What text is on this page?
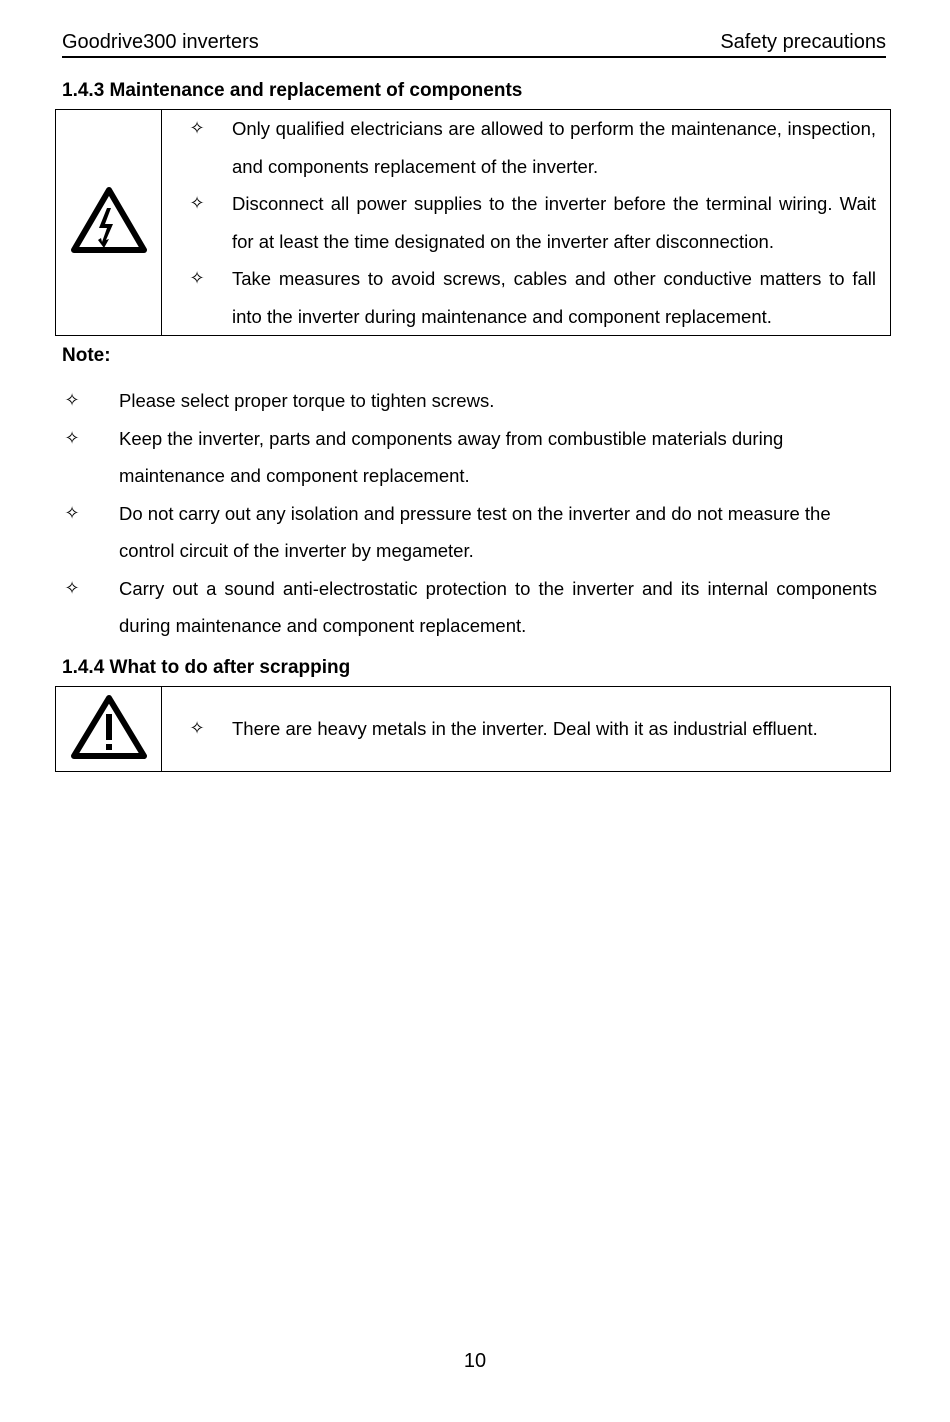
Goodrive300 inverters	Safety precautions
1.4.3 Maintenance and replacement of components

✧	Only qualified electricians are allowed to perform the maintenance, inspection, and components replacement of the inverter.
✧	Disconnect all power supplies to the inverter before the terminal wiring. Wait for at least the time designated on the inverter after disconnection.
✧	Take measures to avoid screws, cables and other conductive matters to fall into the inverter during maintenance and component replacement.
Note:
✧	Please select proper torque to tighten screws.
✧	Keep the inverter, parts and components away from combustible materials during maintenance and component replacement.
✧	Do not carry out any isolation and pressure test on the inverter and do not measure the control circuit of the inverter by megameter.
✧	Carry out a sound anti-electrostatic protection to the inverter and its internal components during maintenance and component replacement.
1.4.4 What to do after scrapping

✧	There are heavy metals in the inverter. Deal with it as industrial effluent.
10
